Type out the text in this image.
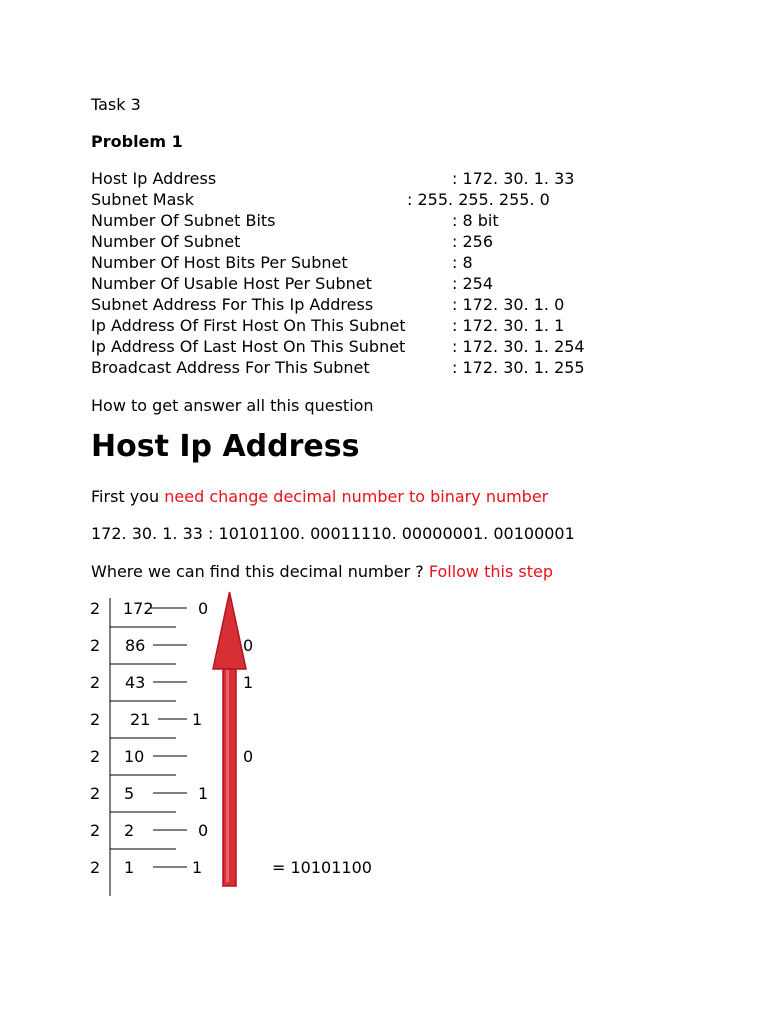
Task 3
Problem 1

Host Ip Address

	: 172. 30. 1. 33

Subnet Mask

	: 255. 255. 255. 0

Number Of Subnet Bits

	: 8 bit

Number Of Subnet

	: 256

Number Of Host Bits Per Subnet

	: 8

Number Of Usable Host Per Subnet

	: 254

Subnet Address For This Ip Address

	: 172. 30. 1. 0

Ip Address Of First Host On This Subnet

	: 172. 30. 1. 1

Ip Address Of Last Host On This Subnet

	: 172. 30. 1. 254

Broadcast Address For This Subnet

	: 172. 30. 1. 255

How to get answer all this question
Host Ip Address
First you need change decimal number to binary number
172. 30. 1. 33 : 10101100. 00011110. 00000001. 00100001
Where we can find this decimal number ? Follow this step
2 172	0
2 86	0
2 43	1
2 21	1
2 10	0
2 5	1
2 2	0
2 1	1	= 10101100
